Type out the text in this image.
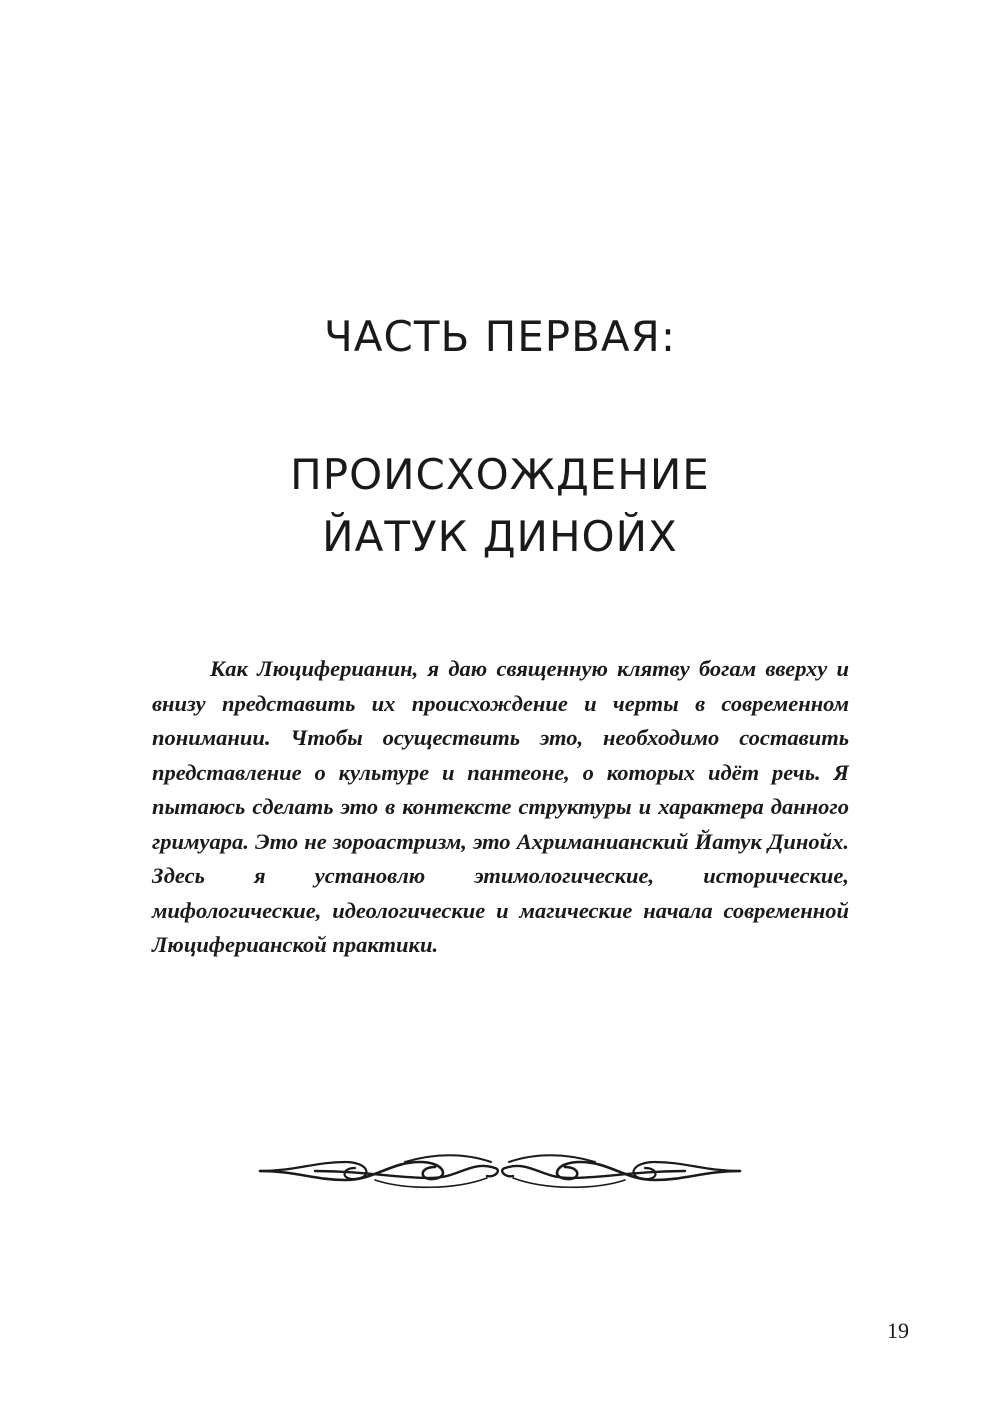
ЧАСТЬ ПЕРВАЯ:
ПРОИСХОЖДЕНИЕ
ЙАТУК ДИНОЙХ

Как Люциферианин, я даю священную клятву богам вверху и внизу представить их происхождение и черты в современном понимании. Чтобы осуществить это, необходимо составить представление о культуре и пантеоне, о которых идёт речь. Я пытаюсь сделать это в контексте структуры и характера данного гримуара. Это не зороастризм, это Ахриманианский Йатук Динойх. Здесь я установлю этимологические, исторические, мифологические, идеологические и магические начала современной Люциферианской практики.

19
